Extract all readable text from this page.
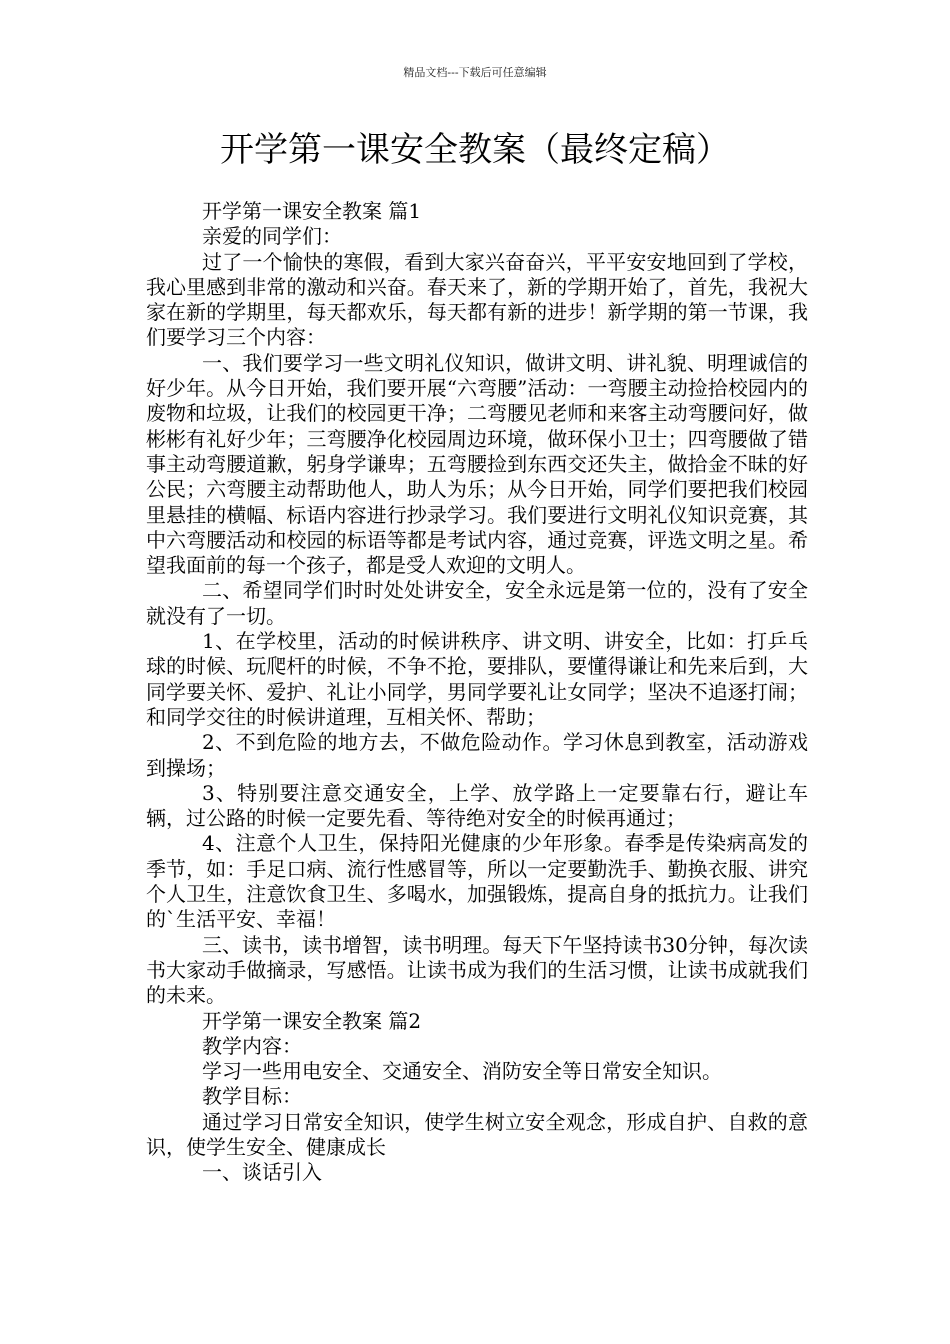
精品文档---下载后可任意编辑
开学第一课安全教案（最终定稿）

开学第一课安全教案 篇1

亲爱的同学们：

过了一个愉快的寒假，看到大家兴奋奋兴，平平安安地回到了学校，我心里感到非常的激动和兴奋。春天来了，新的学期开始了，首先，我祝大家在新的学期里，每天都欢乐，每天都有新的进步！新学期的第一节课，我们要学习三个内容：

一、我们要学习一些文明礼仪知识，做讲文明、讲礼貌、明理诚信的好少年。从今日开始，我们要开展“六弯腰”活动：一弯腰主动捡拾校园内的废物和垃圾，让我们的校园更干净；二弯腰见老师和来客主动弯腰问好，做彬彬有礼好少年；三弯腰净化校园周边环境，做环保小卫士；四弯腰做了错事主动弯腰道歉，躬身学谦卑；五弯腰捡到东西交还失主，做拾金不昧的好公民；六弯腰主动帮助他人，助人为乐；从今日开始，同学们要把我们校园里悬挂的横幅、标语内容进行抄录学习。我们要进行文明礼仪知识竞赛，其中六弯腰活动和校园的标语等都是考试内容，通过竞赛，评选文明之星。希望我面前的每一个孩子，都是受人欢迎的文明人。

二、希望同学们时时处处讲安全，安全永远是第一位的，没有了安全就没有了一切。

1、在学校里，活动的时候讲秩序、讲文明、讲安全，比如：打乒乓球的时候、玩爬杆的时候，不争不抢，要排队，要懂得谦让和先来后到，大同学要关怀、爱护、礼让小同学，男同学要礼让女同学；坚决不追逐打闹；和同学交往的时候讲道理，互相关怀、帮助；

2、不到危险的地方去，不做危险动作。学习休息到教室，活动游戏到操场；

3、特别要注意交通安全，上学、放学路上一定要靠右行，避让车辆，过公路的时候一定要先看、等待绝对安全的时候再通过；

4、注意个人卫生，保持阳光健康的少年形象。春季是传染病高发的季节，如：手足口病、流行性感冒等，所以一定要勤洗手、勤换衣服、讲究个人卫生，注意饮食卫生、多喝水，加强锻炼，提高自身的抵抗力。让我们的`生活平安、幸福！

三、读书，读书增智，读书明理。每天下午坚持读书30分钟，每次读书大家动手做摘录，写感悟。让读书成为我们的生活习惯，让读书成就我们的未来。

开学第一课安全教案 篇2

教学内容：

学习一些用电安全、交通安全、消防安全等日常安全知识。

教学目标：

通过学习日常安全知识，使学生树立安全观念，形成自护、自救的意识，使学生安全、健康成长

一、谈话引入
